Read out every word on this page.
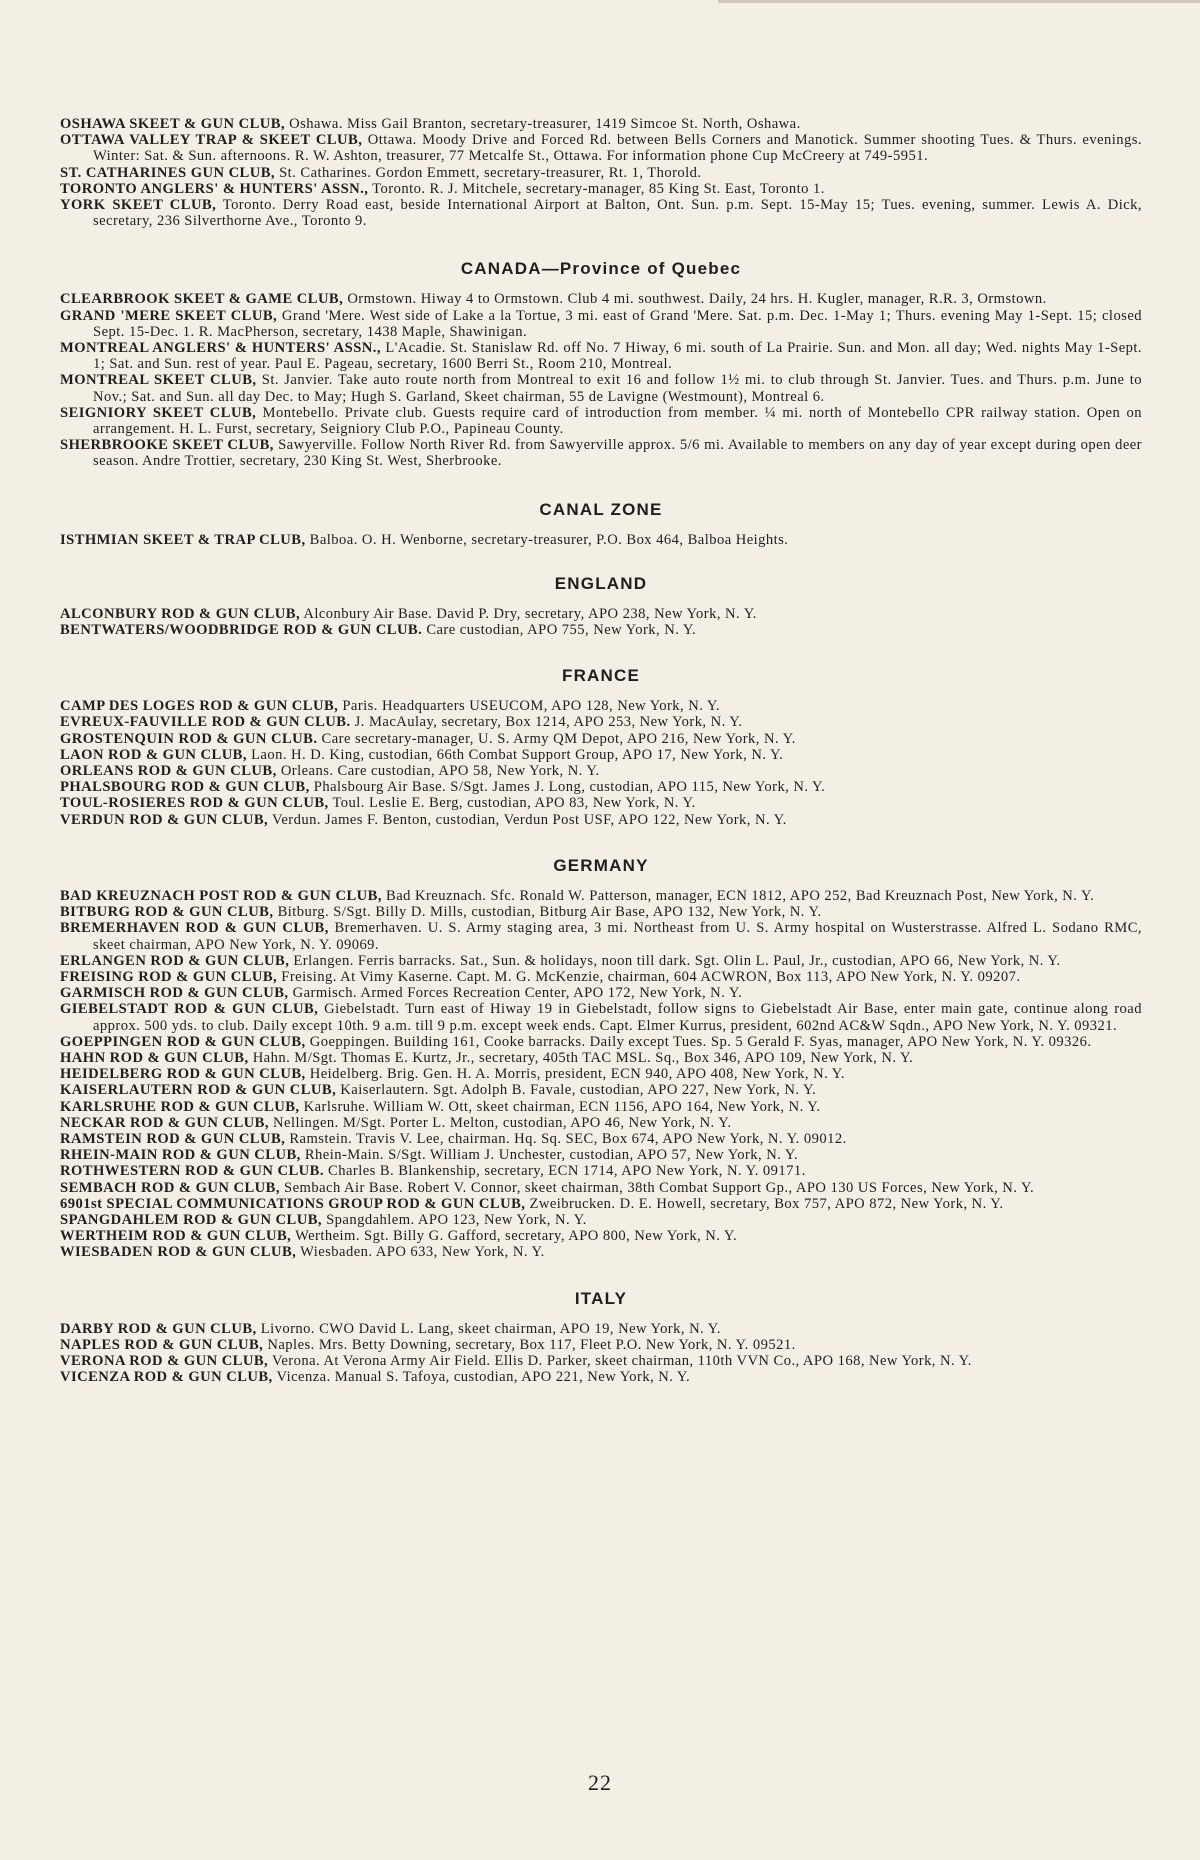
OSHAWA SKEET & GUN CLUB, Oshawa. Miss Gail Branton, secretary-treasurer, 1419 Simcoe St. North, Oshawa.

OTTAWA VALLEY TRAP & SKEET CLUB, Ottawa. Moody Drive and Forced Rd. between Bells Corners and Manotick. Summer shooting Tues. & Thurs. evenings. Winter: Sat. & Sun. afternoons. R. W. Ashton, treasurer, 77 Metcalfe St., Ottawa. For information phone Cup McCreery at 749-5951.

ST. CATHARINES GUN CLUB, St. Catharines. Gordon Emmett, secretary-treasurer, Rt. 1, Thorold.

TORONTO ANGLERS' & HUNTERS' ASSN., Toronto. R. J. Mitchele, secretary-manager, 85 King St. East, Toronto 1.

YORK SKEET CLUB, Toronto. Derry Road east, beside International Airport at Balton, Ont. Sun. p.m. Sept. 15-May 15; Tues. evening, summer. Lewis A. Dick, secretary, 236 Silverthorne Ave., Toronto 9.

CANADA—Province of Quebec

CLEARBROOK SKEET & GAME CLUB, Ormstown. Hiway 4 to Ormstown. Club 4 mi. southwest. Daily, 24 hrs. H. Kugler, manager, R.R. 3, Ormstown.

GRAND 'MERE SKEET CLUB, Grand 'Mere. West side of Lake a la Tortue, 3 mi. east of Grand 'Mere. Sat. p.m. Dec. 1-May 1; Thurs. evening May 1-Sept. 15; closed Sept. 15-Dec. 1. R. MacPherson, secretary, 1438 Maple, Shawinigan.

MONTREAL ANGLERS' & HUNTERS' ASSN., L'Acadie. St. Stanislaw Rd. off No. 7 Hiway, 6 mi. south of La Prairie. Sun. and Mon. all day; Wed. nights May 1-Sept. 1; Sat. and Sun. rest of year. Paul E. Pageau, secretary, 1600 Berri St., Room 210, Montreal.

MONTREAL SKEET CLUB, St. Janvier. Take auto route north from Montreal to exit 16 and follow 1½ mi. to club through St. Janvier. Tues. and Thurs. p.m. June to Nov.; Sat. and Sun. all day Dec. to May; Hugh S. Garland, Skeet chairman, 55 de Lavigne (Westmount), Montreal 6.

SEIGNIORY SKEET CLUB, Montebello. Private club. Guests require card of introduction from member. ¼ mi. north of Montebello CPR railway station. Open on arrangement. H. L. Furst, secretary, Seigniory Club P.O., Papineau County.

SHERBROOKE SKEET CLUB, Sawyerville. Follow North River Rd. from Sawyerville approx. 5/6 mi. Available to members on any day of year except during open deer season. Andre Trottier, secretary, 230 King St. West, Sherbrooke.

CANAL ZONE

ISTHMIAN SKEET & TRAP CLUB, Balboa. O. H. Wenborne, secretary-treasurer, P.O. Box 464, Balboa Heights.

ENGLAND

ALCONBURY ROD & GUN CLUB, Alconbury Air Base. David P. Dry, secretary, APO 238, New York, N. Y.

BENTWATERS/WOODBRIDGE ROD & GUN CLUB. Care custodian, APO 755, New York, N. Y.

FRANCE

CAMP DES LOGES ROD & GUN CLUB, Paris. Headquarters USEUCOM, APO 128, New York, N. Y.

EVREUX-FAUVILLE ROD & GUN CLUB. J. MacAulay, secretary, Box 1214, APO 253, New York, N. Y.

GROSTENQUIN ROD & GUN CLUB. Care secretary-manager, U. S. Army QM Depot, APO 216, New York, N. Y.

LAON ROD & GUN CLUB, Laon. H. D. King, custodian, 66th Combat Support Group, APO 17, New York, N. Y.

ORLEANS ROD & GUN CLUB, Orleans. Care custodian, APO 58, New York, N. Y.

PHALSBOURG ROD & GUN CLUB, Phalsbourg Air Base. S/Sgt. James J. Long, custodian, APO 115, New York, N. Y.

TOUL-ROSIERES ROD & GUN CLUB, Toul. Leslie E. Berg, custodian, APO 83, New York, N. Y.

VERDUN ROD & GUN CLUB, Verdun. James F. Benton, custodian, Verdun Post USF, APO 122, New York, N. Y.

GERMANY

BAD KREUZNACH POST ROD & GUN CLUB, Bad Kreuznach. Sfc. Ronald W. Patterson, manager, ECN 1812, APO 252, Bad Kreuznach Post, New York, N. Y.

BITBURG ROD & GUN CLUB, Bitburg. S/Sgt. Billy D. Mills, custodian, Bitburg Air Base, APO 132, New York, N. Y.

BREMERHAVEN ROD & GUN CLUB, Bremerhaven. U. S. Army staging area, 3 mi. Northeast from U. S. Army hospital on Wusterstrasse. Alfred L. Sodano RMC, skeet chairman, APO New York, N. Y. 09069.

ERLANGEN ROD & GUN CLUB, Erlangen. Ferris barracks. Sat., Sun. & holidays, noon till dark. Sgt. Olin L. Paul, Jr., custodian, APO 66, New York, N. Y.

FREISING ROD & GUN CLUB, Freising. At Vimy Kaserne. Capt. M. G. McKenzie, chairman, 604 ACWRON, Box 113, APO New York, N. Y. 09207.

GARMISCH ROD & GUN CLUB, Garmisch. Armed Forces Recreation Center, APO 172, New York, N. Y.

GIEBELSTADT ROD & GUN CLUB, Giebelstadt. Turn east of Hiway 19 in Giebelstadt, follow signs to Giebelstadt Air Base, enter main gate, continue along road approx. 500 yds. to club. Daily except 10th. 9 a.m. till 9 p.m. except week ends. Capt. Elmer Kurrus, president, 602nd AC&W Sqdn., APO New York, N. Y. 09321.

GOEPPINGEN ROD & GUN CLUB, Goeppingen. Building 161, Cooke barracks. Daily except Tues. Sp. 5 Gerald F. Syas, manager, APO New York, N. Y. 09326.

HAHN ROD & GUN CLUB, Hahn. M/Sgt. Thomas E. Kurtz, Jr., secretary, 405th TAC MSL. Sq., Box 346, APO 109, New York, N. Y.

HEIDELBERG ROD & GUN CLUB, Heidelberg. Brig. Gen. H. A. Morris, president, ECN 940, APO 408, New York, N. Y.

KAISERLAUTERN ROD & GUN CLUB, Kaiserlautern. Sgt. Adolph B. Favale, custodian, APO 227, New York, N. Y.

KARLSRUHE ROD & GUN CLUB, Karlsruhe. William W. Ott, skeet chairman, ECN 1156, APO 164, New York, N. Y.

NECKAR ROD & GUN CLUB, Nellingen. M/Sgt. Porter L. Melton, custodian, APO 46, New York, N. Y.

RAMSTEIN ROD & GUN CLUB, Ramstein. Travis V. Lee, chairman. Hq. Sq. SEC, Box 674, APO New York, N. Y. 09012.

RHEIN-MAIN ROD & GUN CLUB, Rhein-Main. S/Sgt. William J. Unchester, custodian, APO 57, New York, N. Y.

ROTHWESTERN ROD & GUN CLUB. Charles B. Blankenship, secretary, ECN 1714, APO New York, N. Y. 09171.

SEMBACH ROD & GUN CLUB, Sembach Air Base. Robert V. Connor, skeet chairman, 38th Combat Support Gp., APO 130 US Forces, New York, N. Y.

6901st SPECIAL COMMUNICATIONS GROUP ROD & GUN CLUB, Zweibrucken. D. E. Howell, secretary, Box 757, APO 872, New York, N. Y.

SPANGDAHLEM ROD & GUN CLUB, Spangdahlem. APO 123, New York, N. Y.

WERTHEIM ROD & GUN CLUB, Wertheim. Sgt. Billy G. Gafford, secretary, APO 800, New York, N. Y.

WIESBADEN ROD & GUN CLUB, Wiesbaden. APO 633, New York, N. Y.

ITALY

DARBY ROD & GUN CLUB, Livorno. CWO David L. Lang, skeet chairman, APO 19, New York, N. Y.

NAPLES ROD & GUN CLUB, Naples. Mrs. Betty Downing, secretary, Box 117, Fleet P.O. New York, N. Y. 09521.

VERONA ROD & GUN CLUB, Verona. At Verona Army Air Field. Ellis D. Parker, skeet chairman, 110th VVN Co., APO 168, New York, N. Y.

VICENZA ROD & GUN CLUB, Vicenza. Manual S. Tafoya, custodian, APO 221, New York, N. Y.

22
